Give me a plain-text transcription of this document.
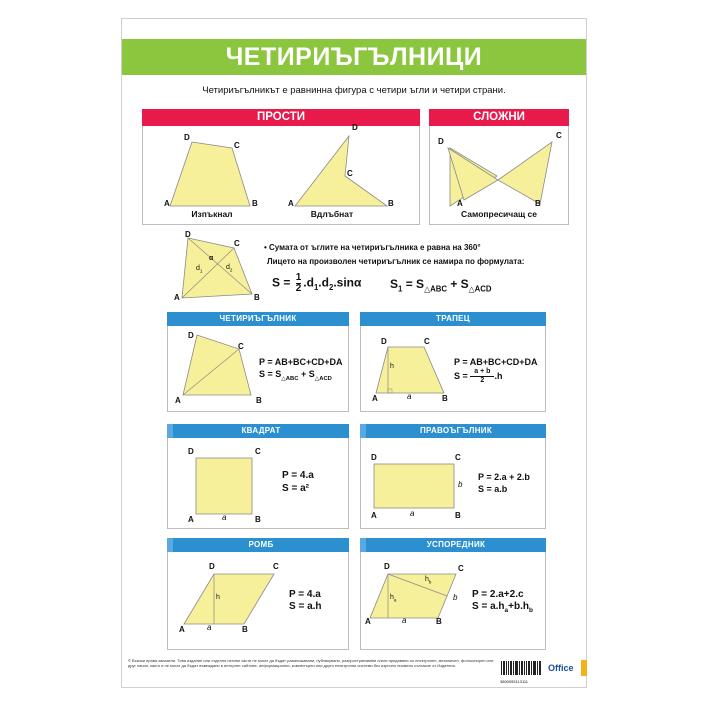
ЧЕТИРИЪГЪЛНИЦИ
Четириъгълникът е равнинна фигура с четири ъгли и четири страни.
ПРОСТИ
D
C
A	B
Изпъкнал
D
C
A	B
Вдлъбнат
СЛОЖНИ
D
C
A	B
Самопресичащ се
D
C
A	B
α
$d_1$	$d_2$
• Сумата от ъглите на четириъгълника е равна на 360°
Лицето на произволен четириъгълник се намира по формулата:
$S = \frac{1}{2} .d_1.d_2.\sin\alpha$ $S_1 = S_{\triangle ABC} + S_{\triangle ACD}$
ЧЕТИРИЪГЪЛНИК
D
C
A	B
P = AB+BC+CD+DA
$S = S_{\triangle ABC} + S_{\triangle ACD}$
ТРАПЕЦ
D	C
A	B
h
a
P = AB+BC+CD+DA
$S = \frac{a + b}{2} .h$
КВАДРАТ
D	C
A	B
a
P = 4.a
S = a²
ПРАВОЪГЪЛНИК
D	C
A	B
a
b
P = 2.a + 2.b
S = a.b
РОМБ
D	C
A	B
h
a
P = 4.a
S = a.h
УСПОРЕДНИК
D	C
A	B
a
b
$h_a$
$h_b$
P = 2.a+2.c
$S = a.h_a+b.h_b$
© Всички права запазени. Това издание или отделни негови части не могат да бъдат размножавани, публикувани, разпространявани и/или предавани по електронен, механичен, фотокопирен или друг начин, както и не могат да бъдат въвеждани в интернет сайтове, информационни, компютърни или други електронни системи без изрично писмено съгласие от Издателя.
3800055113111
Office
